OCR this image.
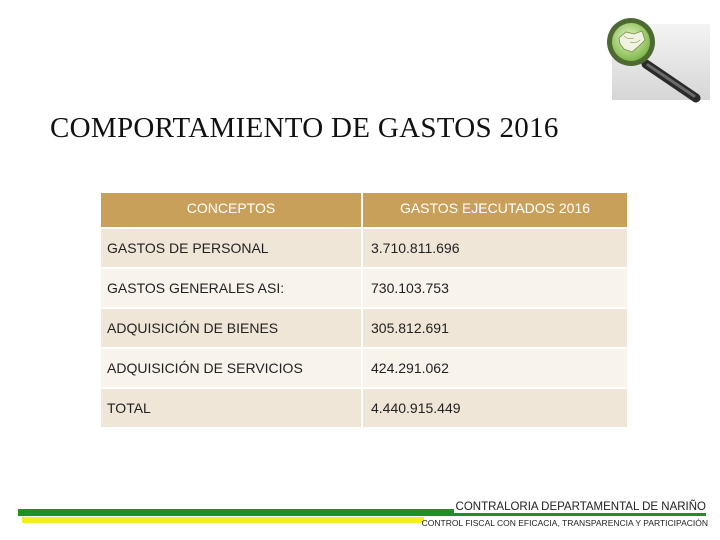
COMPORTAMIENTO DE GASTOS 2016
CONCEPTOS	GASTOS EJECUTADOS 2016
GASTOS DE PERSONAL	3.710.811.696
GASTOS GENERALES ASI:	730.103.753
ADQUISICIÓN DE BIENES	305.812.691
ADQUISICIÓN DE SERVICIOS	424.291.062
TOTAL	4.440.915.449
CONTRALORIA DEPARTAMENTAL DE NARIÑO
CONTROL FISCAL CON EFICACIA, TRANSPARENCIA Y PARTICIPACIÓN
